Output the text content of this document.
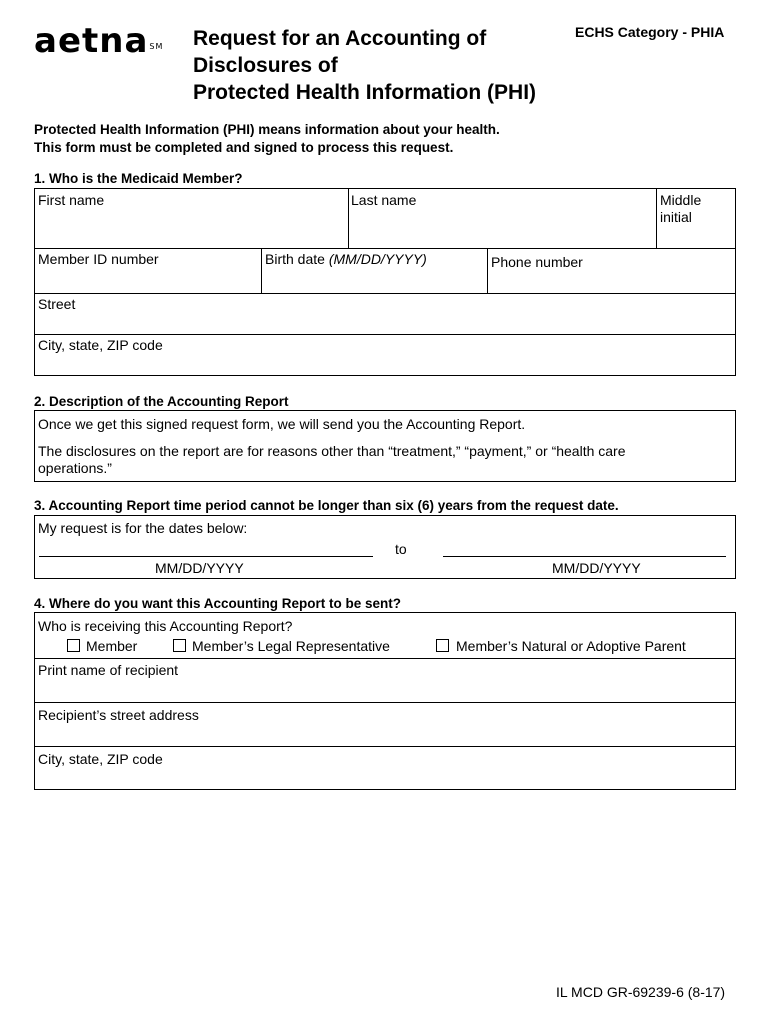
aetna℠ Request for an Accounting of
Disclosures of
Protected Health Information (PHI)
ECHS Category - PHIA
Protected Health Information (PHI) means information about your health.
This form must be completed and signed to process this request.
1. Who is the Medicaid Member?
First name	Last name	Middle
initial
Member ID number	Birth date (MM/DD/YYYY)	Phone number
Street
City, state, ZIP code
2. Description of the Accounting Report
Once we get this signed request form, we will send you the Accounting Report.
The disclosures on the report are for reasons other than “treatment,” “payment,” or “health care
operations.”
3. Accounting Report time period cannot be longer than six (6) years from the request date.
My request is for the dates below:
to
MM/DD/YYYY	MM/DD/YYYY
4. Where do you want this Accounting Report to be sent?
Who is receiving this Accounting Report?
Member	Member’s Legal Representative	Member’s Natural or Adoptive Parent
Print name of recipient
Recipient’s street address
City, state, ZIP code
IL MCD GR-69239-6 (8-17)
